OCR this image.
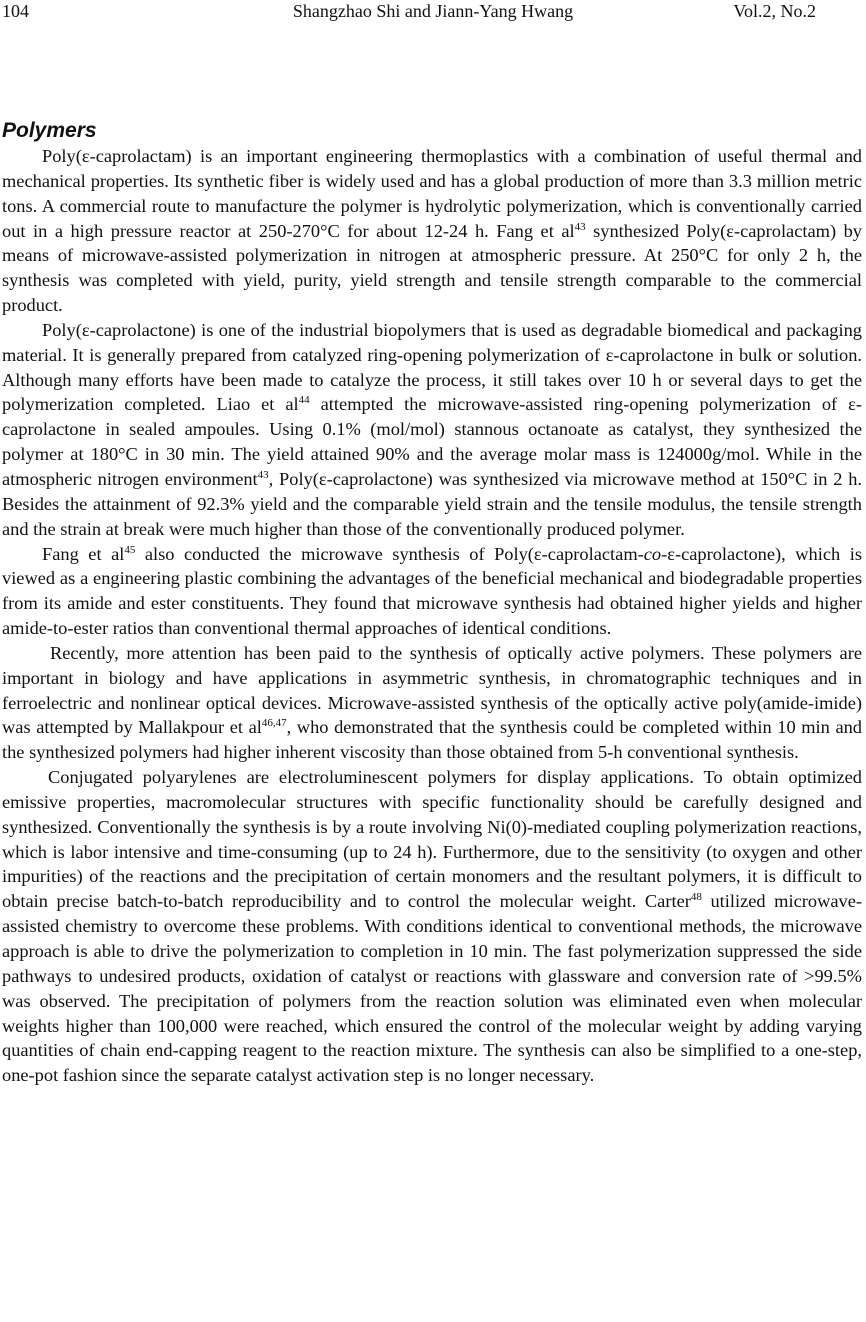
104	Shangzhao Shi and Jiann-Yang Hwang	Vol.2, No.2
Polymers

Poly(ε-caprolactam) is an important engineering thermoplastics with a combination of useful thermal and mechanical properties. Its synthetic fiber is widely used and has a global production of more than 3.3 million metric tons. A commercial route to manufacture the polymer is hydrolytic polymerization, which is conventionally carried out in a high pressure reactor at 250-270°C for about 12-24 h. Fang et $al^{43}$ synthesized Poly(ε-caprolactam) by means of microwave-assisted polymerization in nitrogen at atmospheric pressure. At 250°C for only 2 h, the synthesis was completed with yield, purity, yield strength and tensile strength comparable to the commercial product.

Poly(ε-caprolactone) is one of the industrial biopolymers that is used as degradable biomedical and packaging material. It is generally prepared from catalyzed ring-opening polymerization of ε-caprolactone in bulk or solution. Although many efforts have been made to catalyze the process, it still takes over 10 h or several days to get the polymerization completed. Liao et $al^{44}$ attempted the microwave-assisted ring-opening polymerization of ε-caprolactone in sealed ampoules. Using 0.1% (mol/mol) stannous octanoate as catalyst, they synthesized the polymer at 180°C in 30 min. The yield attained 90% and the average molar mass is 124000g/mol. While in the atmospheric nitrogen environment$^{43}$, Poly(ε-caprolactone) was synthesized via microwave method at 150°C in 2 h. Besides the attainment of 92.3% yield and the comparable yield strain and the tensile modulus, the tensile strength and the strain at break were much higher than those of the conventionally produced polymer.

Fang et $al^{45}$ also conducted the microwave synthesis of Poly(ε-caprolactam-co-ε-caprolactone), which is viewed as a engineering plastic combining the advantages of the beneficial mechanical and biodegradable properties from its amide and ester constituents. They found that microwave synthesis had obtained higher yields and higher amide-to-ester ratios than conventional thermal approaches of identical conditions.

Recently, more attention has been paid to the synthesis of optically active polymers. These polymers are important in biology and have applications in asymmetric synthesis, in chromatographic techniques and in ferroelectric and nonlinear optical devices. Microwave-assisted synthesis of the optically active poly(amide-imide) was attempted by Mallakpour et al$^{46,47}$, who demonstrated that the synthesis could be completed within 10 min and the synthesized polymers had higher inherent viscosity than those obtained from 5-h conventional synthesis.

Conjugated polyarylenes are electroluminescent polymers for display applications. To obtain optimized emissive properties, macromolecular structures with specific functionality should be carefully designed and synthesized. Conventionally the synthesis is by a route involving Ni(0)-mediated coupling polymerization reactions, which is labor intensive and time-consuming (up to 24 h). Furthermore, due to the sensitivity (to oxygen and other impurities) of the reactions and the precipitation of certain monomers and the resultant polymers, it is difficult to obtain precise batch-to-batch reproducibility and to control the molecular weight. Carter$^{48}$ utilized microwave-assisted chemistry to overcome these problems. With conditions identical to conventional methods, the microwave approach is able to drive the polymerization to completion in 10 min. The fast polymerization suppressed the side pathways to undesired products, oxidation of catalyst or reactions with glassware and conversion rate of >99.5% was observed. The precipitation of polymers from the reaction solution was eliminated even when molecular weights higher than 100,000 were reached, which ensured the control of the molecular weight by adding varying quantities of chain end-capping reagent to the reaction mixture. The synthesis can also be simplified to a one-step, one-pot fashion since the separate catalyst activation step is no longer necessary.
